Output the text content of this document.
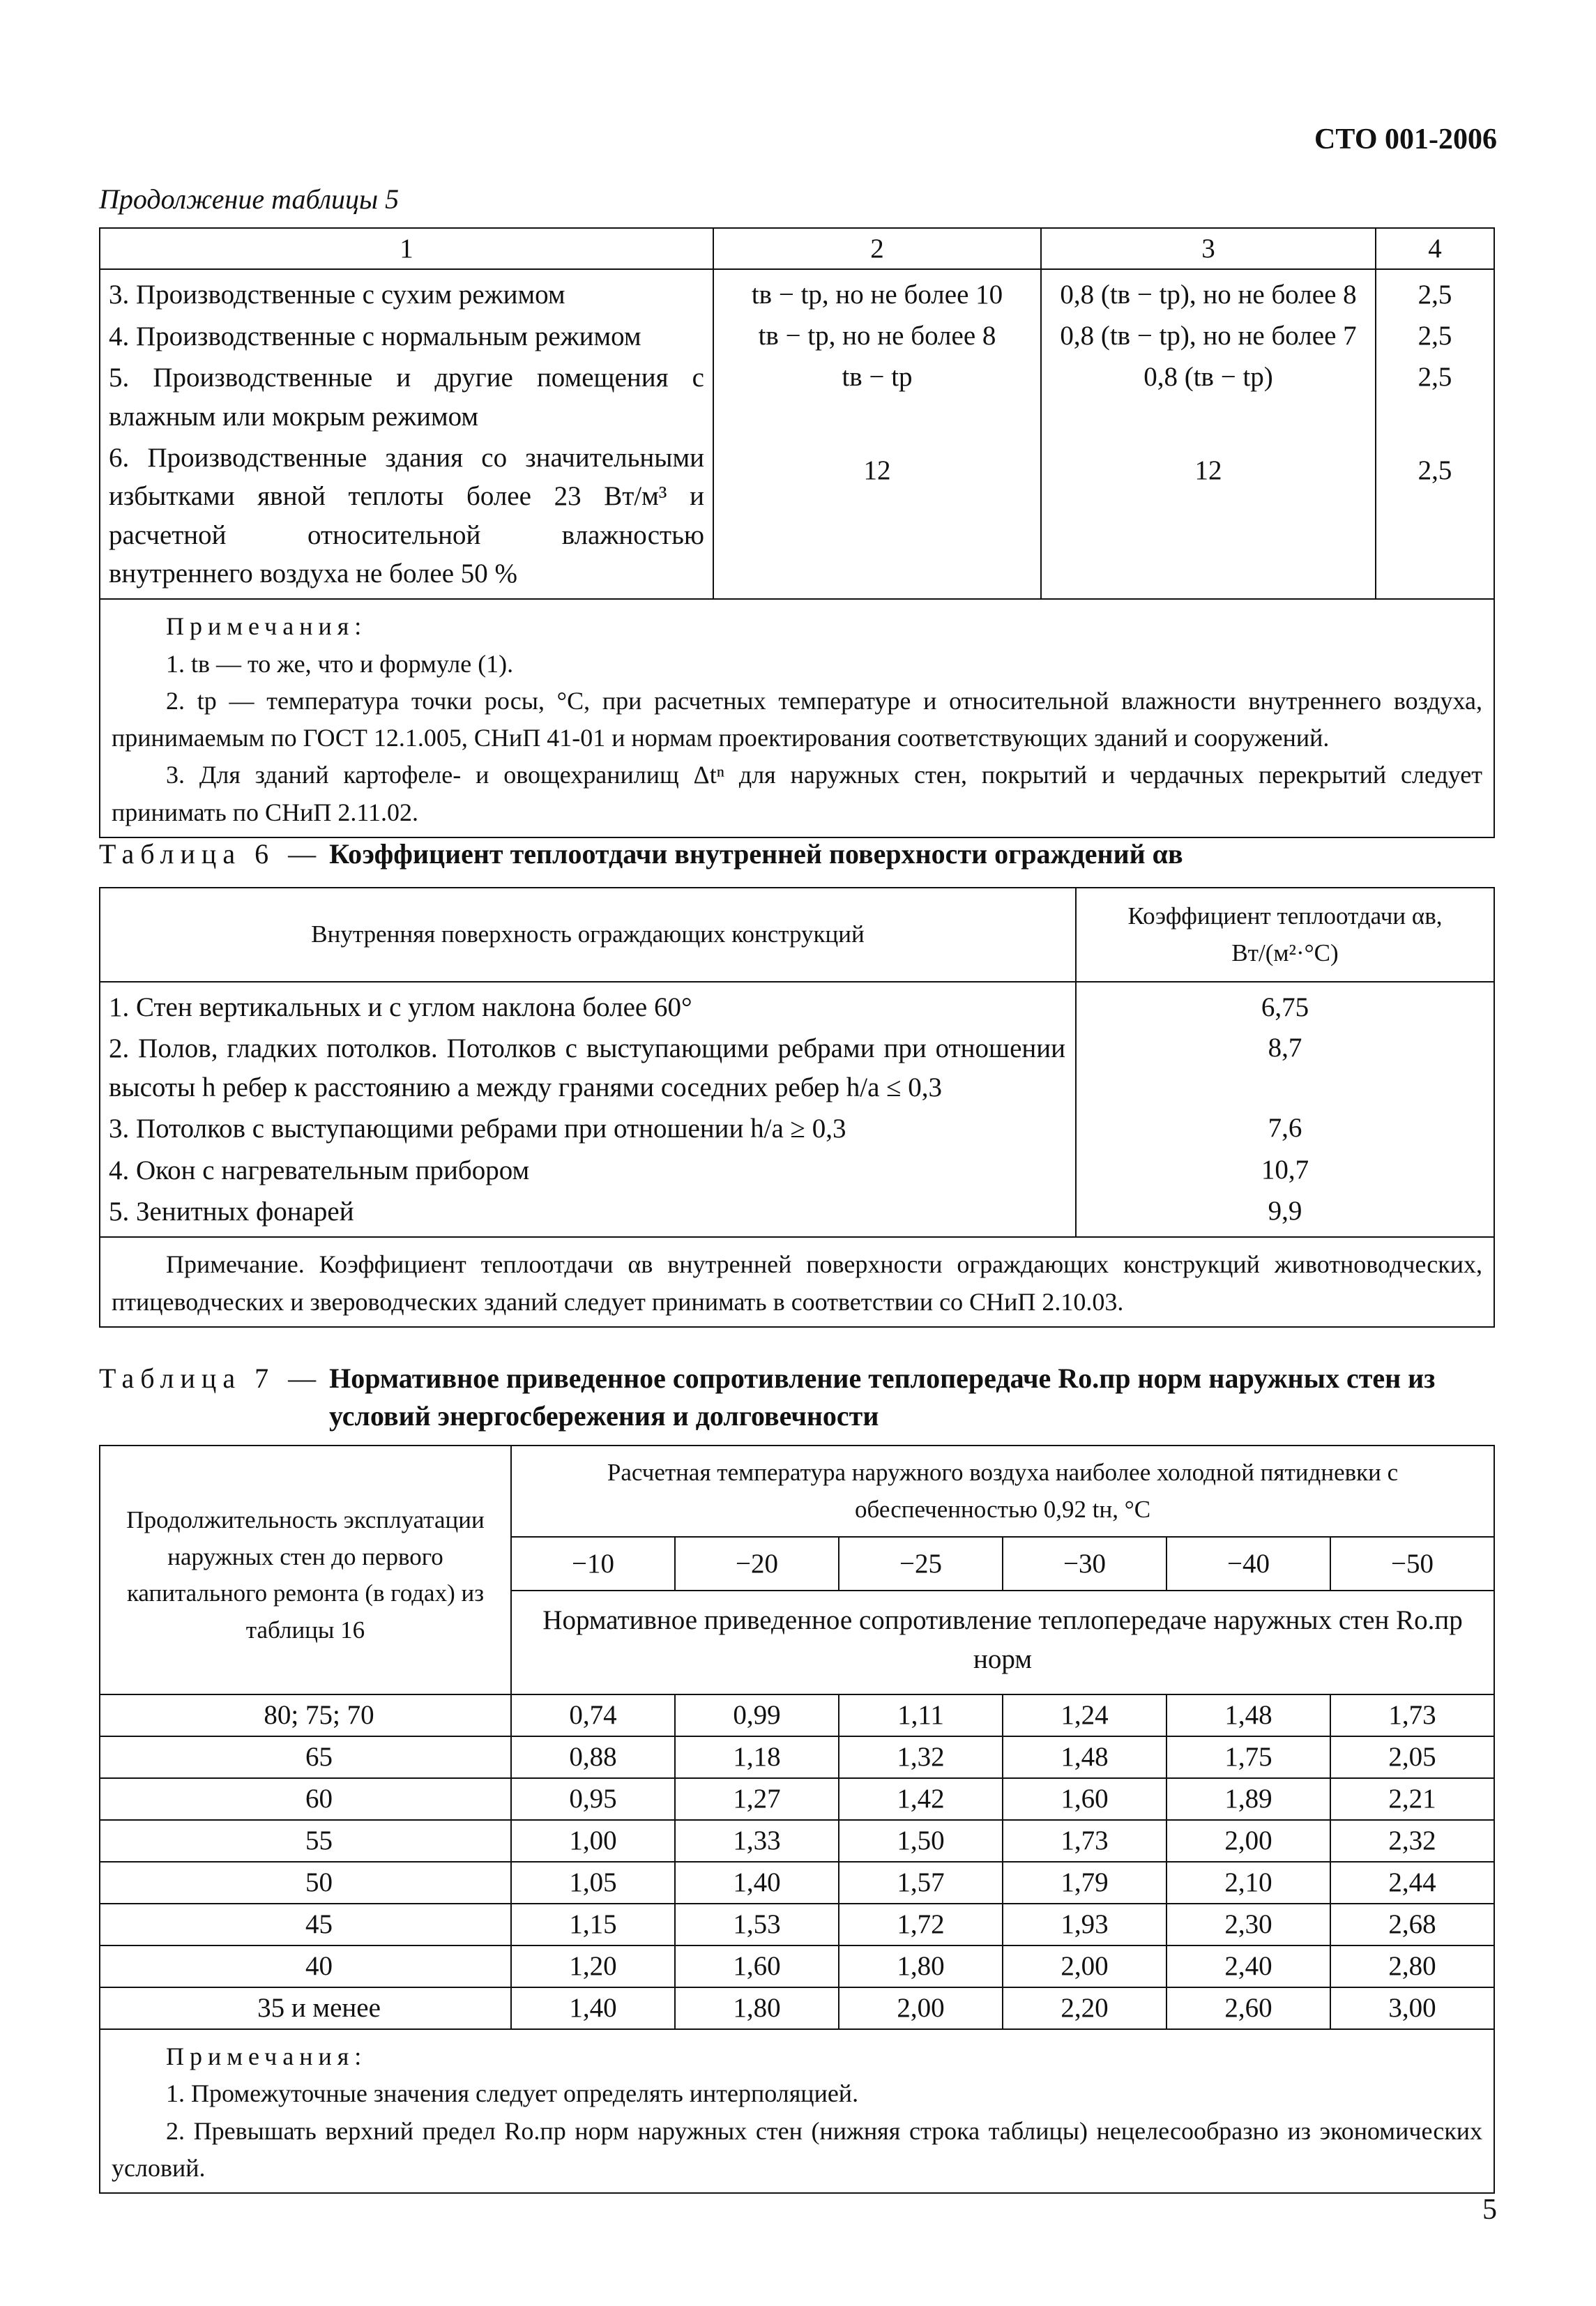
СТО 001-2006
Продолжение таблицы 5
1	2	3	4
3. Производственные с сухим режимом	tв − tр, но не более 10	0,8 (tв − tр), но не более 8	2,5
4. Производственные с нормальным режимом	tв − tр, но не более 8	0,8 (tв − tр), но не более 7	2,5
5. Производственные и другие помещения с влажным или мокрым режимом	tв − tр	0,8 (tв − tр)	2,5
6. Производственные здания со значительными избытками явной теплоты более 23 Вт/м³ и расчетной относительной влажностью внутреннего воздуха не более 50 %	12	12	2,5

Примечания:
1. tв — то же, что и формуле (1).
2. tр — температура точки росы, °C, при расчетных температуре и относительной влажности внутреннего воздуха, принимаемым по ГОСТ 12.1.005, СНиП 41-01 и нормам проектирования соответствующих зданий и сооружений.
3. Для зданий картофеле- и овощехранилищ Δtⁿ для наружных стен, покрытий и чердачных перекрытий следует принимать по СНиП 2.11.02.			
Таблица 6 — Коэффициент теплоотдачи внутренней поверхности ограждений αв
Внутренняя поверхность ограждающих конструкций	Коэффициент теплоотдачи αв, Вт/(м²·°C)
1. Стен вертикальных и с углом наклона более 60°	6,75
2. Полов, гладких потолков. Потолков с выступающими ребрами при отношении высоты h ребер к расстоянию a между гранями соседних ребер h/a ≤ 0,3	8,7
3. Потолков с выступающими ребрами при отношении h/a ≥ 0,3	7,6
4. Окон с нагревательным прибором	10,7
5. Зенитных фонарей	9,9
Примечание. Коэффициент теплоотдачи αв внутренней поверхности ограждающих конструкций животноводческих, птицеводческих и звероводческих зданий следует принимать в соответствии со СНиП 2.10.03.	
Таблица 7 — Нормативное приведенное сопротивление теплопередаче Rо.пр норм наружных стен из условий энергосбережения и долговечности
Продолжительность эксплуатации наружных стен до первого капитального ремонта (в годах) из таблицы 16	Расчетная температура наружного воздуха наиболее холодной пятидневки с обеспеченностью 0,92 tн, °C					
	−10	−20	−25	−30	−40	−50
	Нормативное приведенное сопротивление теплопередаче наружных стен Rо.пр норм					
80; 75; 70	0,74	0,99	1,11	1,24	1,48	1,73
65	0,88	1,18	1,32	1,48	1,75	2,05
60	0,95	1,27	1,42	1,60	1,89	2,21
55	1,00	1,33	1,50	1,73	2,00	2,32
50	1,05	1,40	1,57	1,79	2,10	2,44
45	1,15	1,53	1,72	1,93	2,30	2,68
40	1,20	1,60	1,80	2,00	2,40	2,80
35 и менее	1,40	1,80	2,00	2,20	2,60	3,00

Примечания:
1. Промежуточные значения следует определять интерполяцией.
2. Превышать верхний предел Rо.пр норм наружных стен (нижняя строка таблицы) нецелесообразно из экономических условий.						
5
